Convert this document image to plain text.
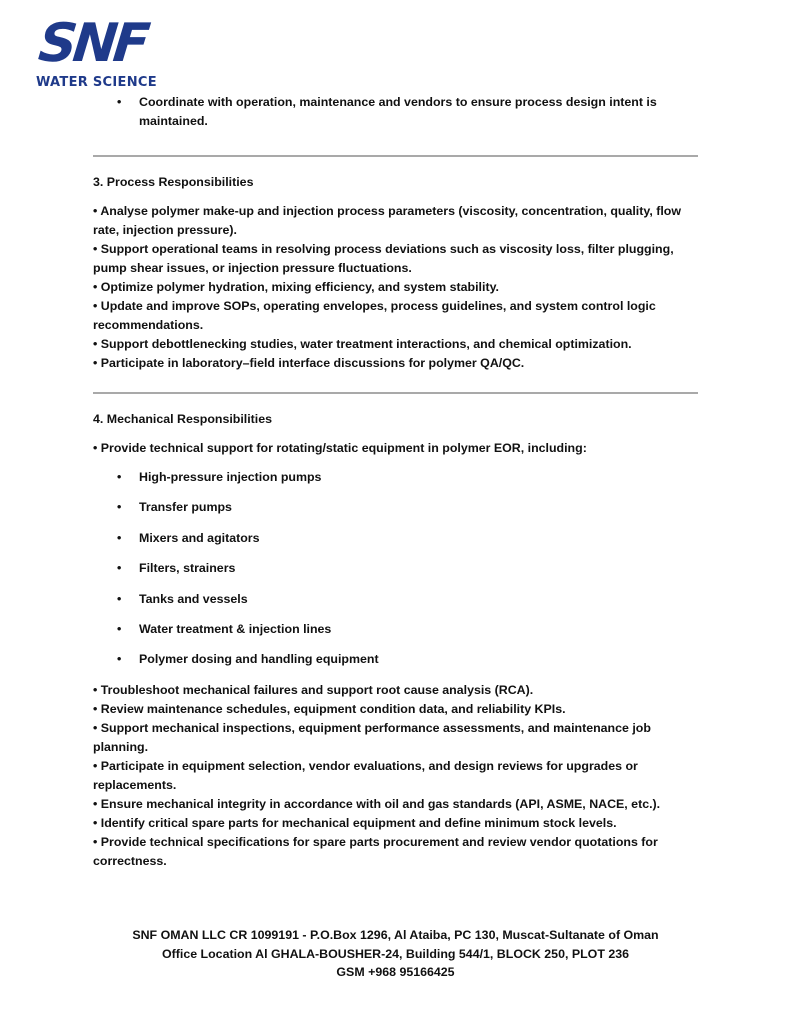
SNF
WATER SCIENCE
• Coordinate with operation, maintenance and vendors to ensure process design intent is maintained.
3. Process Responsibilities

• Analyse polymer make-up and injection process parameters (viscosity, concentration, quality, flow rate, injection pressure).

• Support operational teams in resolving process deviations such as viscosity loss, filter plugging, pump shear issues, or injection pressure fluctuations.

• Optimize polymer hydration, mixing efficiency, and system stability.

• Update and improve SOPs, operating envelopes, process guidelines, and system control logic recommendations.

• Support debottlenecking studies, water treatment interactions, and chemical optimization.

• Participate in laboratory–field interface discussions for polymer QA/QC.

4. Mechanical Responsibilities

• Provide technical support for rotating/static equipment in polymer EOR, including:

• High-pressure injection pumps
• Transfer pumps
• Mixers and agitators
• Filters, strainers
• Tanks and vessels
• Water treatment & injection lines
• Polymer dosing and handling equipment

• Troubleshoot mechanical failures and support root cause analysis (RCA).

• Review maintenance schedules, equipment condition data, and reliability KPIs.

• Support mechanical inspections, equipment performance assessments, and maintenance job planning.

• Participate in equipment selection, vendor evaluations, and design reviews for upgrades or replacements.

• Ensure mechanical integrity in accordance with oil and gas standards (API, ASME, NACE, etc.).

• Identify critical spare parts for mechanical equipment and define minimum stock levels.

• Provide technical specifications for spare parts procurement and review vendor quotations for correctness.

SNF OMAN LLC CR 1099191 - P.O.Box 1296, Al Ataiba, PC 130, Muscat-Sultanate of Oman
Office Location Al GHALA-BOUSHER-24, Building 544/1, BLOCK 250, PLOT 236
GSM +968 95166425
